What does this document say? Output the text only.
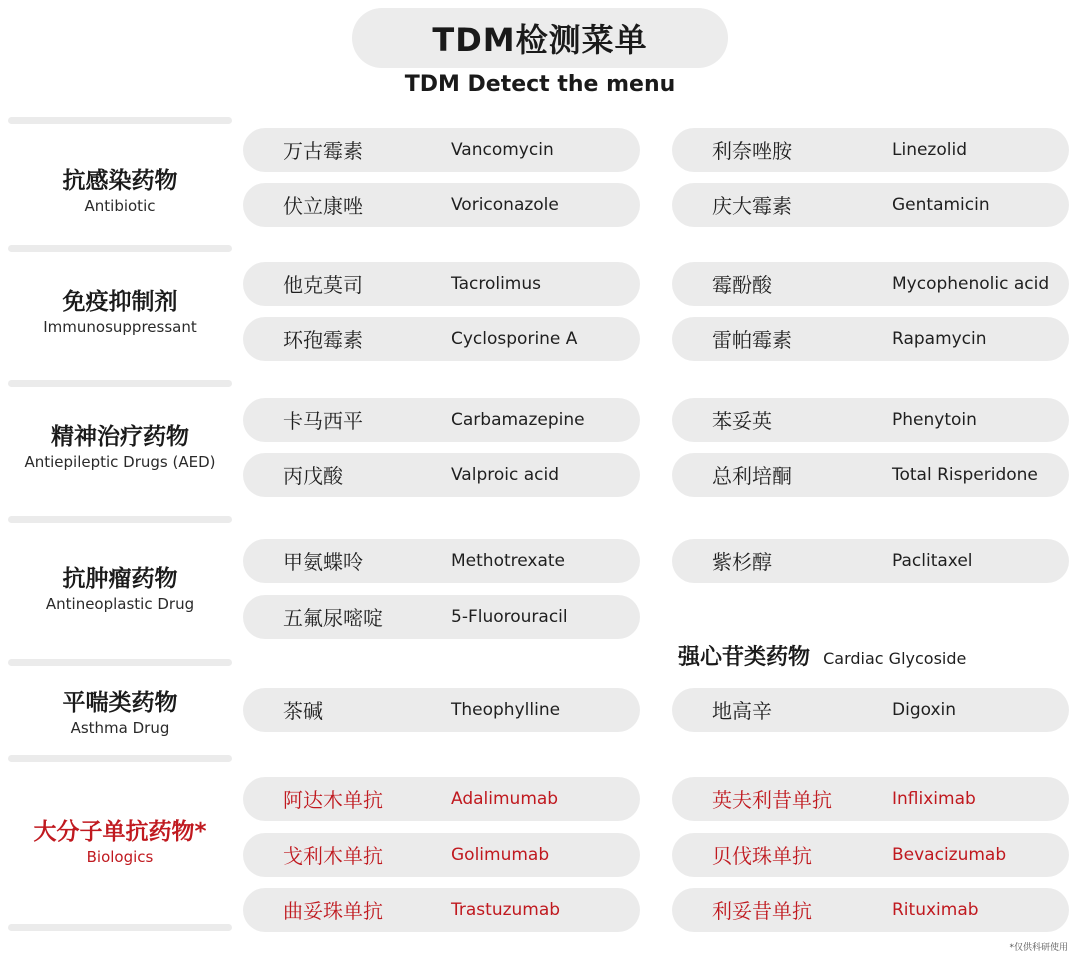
TDM检测菜单
TDM Detect the menu
抗感染药物
Antibiotic
万古霉素	Vancomycin	利奈唑胺	Linezolid
伏立康唑	Voriconazole	庆大霉素	Gentamicin
免疫抑制剂
Immunosuppressant
他克莫司	Tacrolimus	霉酚酸	Mycophenolic acid
环孢霉素	Cyclosporine A	雷帕霉素	Rapamycin
精神治疗药物
Antiepileptic Drugs (AED)
卡马西平	Carbamazepine	苯妥英	Phenytoin
丙戊酸	Valproic acid	总利培酮	Total Risperidone
抗肿瘤药物
Antineoplastic Drug
甲氨蝶呤	Methotrexate	紫杉醇	Paclitaxel
五氟尿嘧啶	5-Fluorouracil
强心苷类药物 Cardiac Glycoside
平喘类药物
Asthma Drug
茶碱	Theophylline	地高辛	Digoxin
大分子单抗药物*
Biologics
阿达木单抗	Adalimumab	英夫利昔单抗	Infliximab
戈利木单抗	Golimumab	贝伐珠单抗	Bevacizumab
曲妥珠单抗	Trastuzumab	利妥昔单抗	Rituximab
*仅供科研使用
